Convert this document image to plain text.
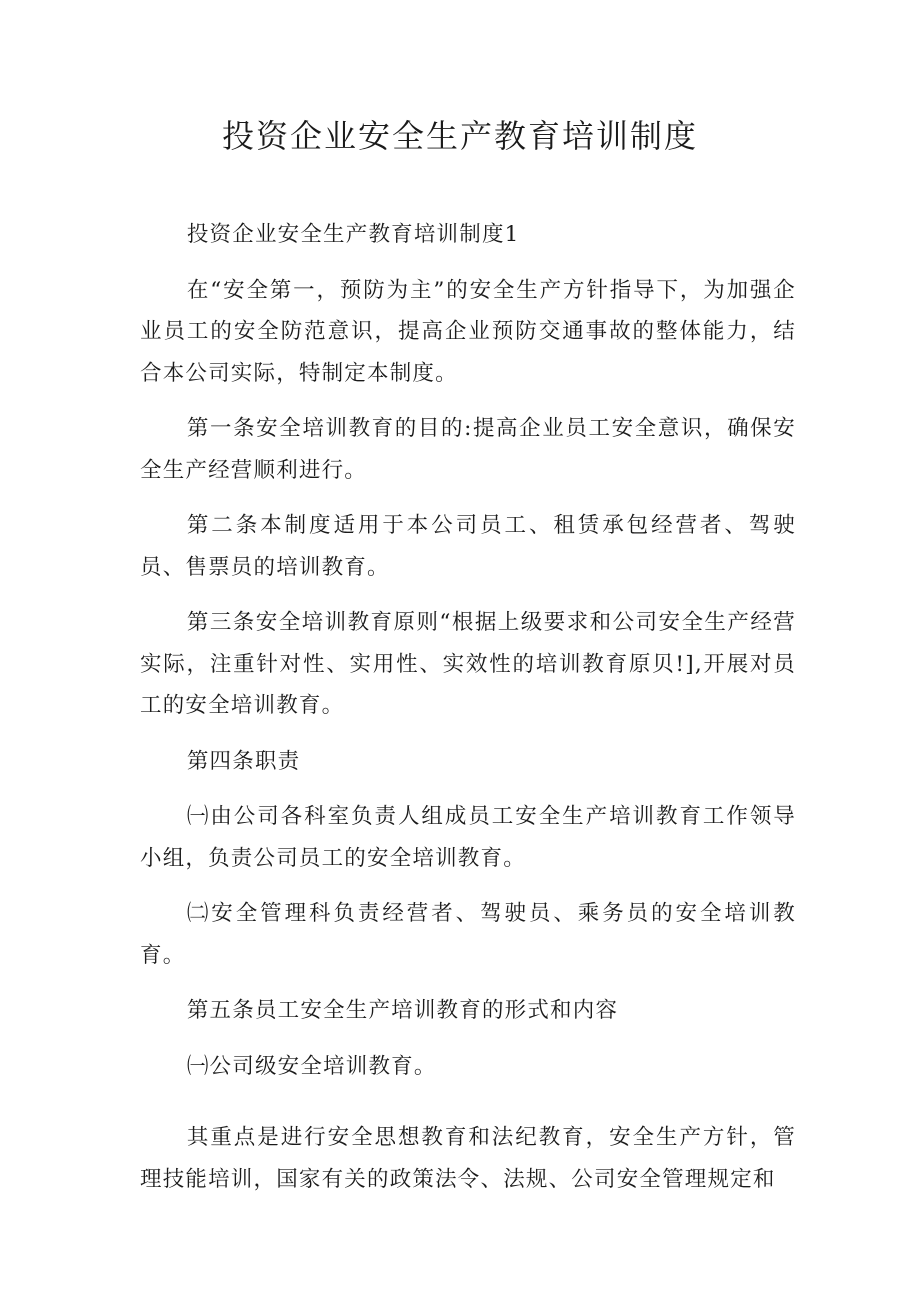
投资企业安全生产教育培训制度

投资企业安全生产教育培训制度1

在“安全第一，预防为主”的安全生产方针指导下，为加强企业员工的安全防范意识，提高企业预防交通事故的整体能力，结合本公司实际，特制定本制度。

第一条安全培训教育的目的:提高企业员工安全意识，确保安全生产经营顺利进行。

第二条本制度适用于本公司员工、租赁承包经营者、驾驶员、售票员的培训教育。

第三条安全培训教育原则“根据上级要求和公司安全生产经营实际，注重针对性、实用性、实效性的培训教育原贝!],开展对员工的安全培训教育。

第四条职责

㈠由公司各科室负责人组成员工安全生产培训教育工作领导小组，负责公司员工的安全培训教育。

㈡安全管理科负责经营者、驾驶员、乘务员的安全培训教育。

第五条员工安全生产培训教育的形式和内容

㈠公司级安全培训教育。

其重点是进行安全思想教育和法纪教育，安全生产方针，管理技能培训，国家有关的政策法令、法规、公司安全管理规定和
